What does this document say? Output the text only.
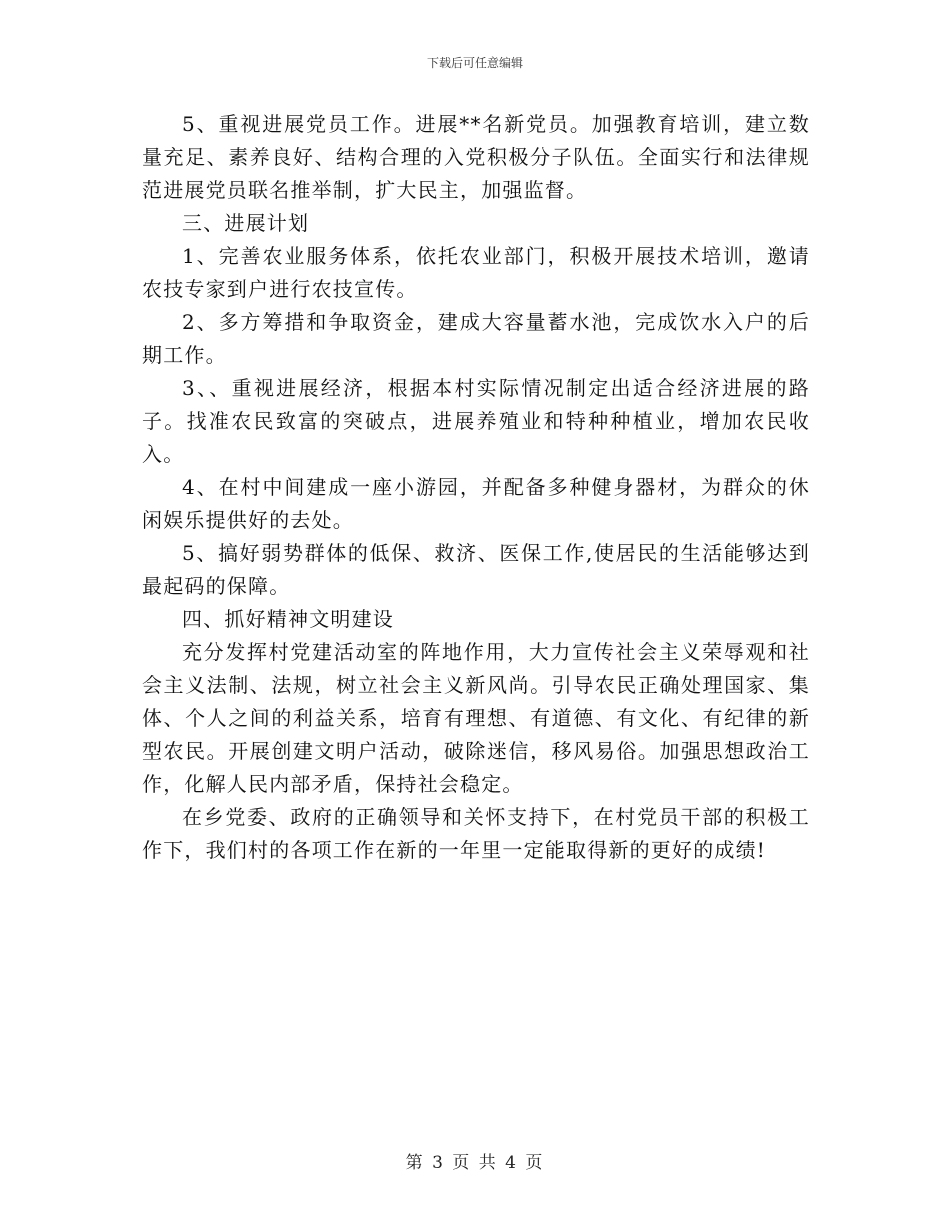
下载后可任意编辑

5、重视进展党员工作。进展**名新党员。加强教育培训，建立数量充足、素养良好、结构合理的入党积极分子队伍。全面实行和法律规范进展党员联名推举制，扩大民主，加强监督。

三、进展计划

1、完善农业服务体系，依托农业部门，积极开展技术培训，邀请农技专家到户进行农技宣传。

2、多方筹措和争取资金，建成大容量蓄水池，完成饮水入户的后期工作。

3、、重视进展经济，根据本村实际情况制定出适合经济进展的路子。找准农民致富的突破点，进展养殖业和特种种植业，增加农民收入。

4、在村中间建成一座小游园，并配备多种健身器材，为群众的休闲娱乐提供好的去处。

5、搞好弱势群体的低保、救济、医保工作,使居民的生活能够达到最起码的保障。

四、抓好精神文明建设

充分发挥村党建活动室的阵地作用，大力宣传社会主义荣辱观和社会主义法制、法规，树立社会主义新风尚。引导农民正确处理国家、集体、个人之间的利益关系，培育有理想、有道德、有文化、有纪律的新型农民。开展创建文明户活动，破除迷信，移风易俗。加强思想政治工作，化解人民内部矛盾，保持社会稳定。

在乡党委、政府的正确领导和关怀支持下，在村党员干部的积极工作下，我们村的各项工作在新的一年里一定能取得新的更好的成绩!

第 3 页 共 4 页
